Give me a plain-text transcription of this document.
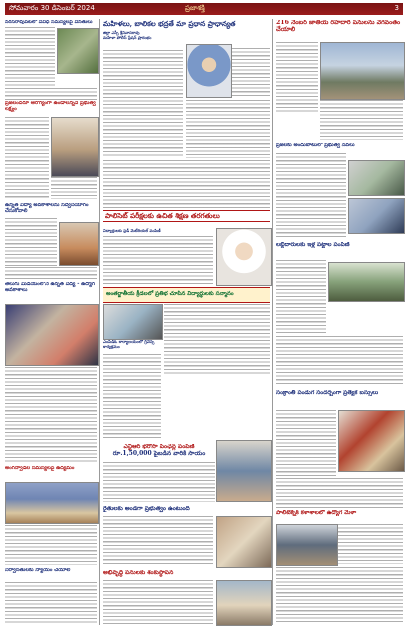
సోమవారం 30 డిసెంబర్ 2024	ప్రజాశక్తి	3
నరసరావుపేటలో వివిధ సమస్యలపై వినతులు
ప్రజలందరూ ఆరోగ్యంగా ఉండాలన్నదే ప్రభుత్వ లక్ష్యం
ఉన్నత విద్యా అవకాశాలను సద్వినియోగం చేసుకోవాలి
తెలుగు మీడియంలోనే ఉన్నత విద్య - ఉద్యోగ అవకాశాలు
అంగన్వాడీల సమస్యలపై ఉద్యమం
నిర్వాసితులకు న్యాయం చేయాలి
మహిళలు, బాలికల భద్రతే మా ప్రధాన ప్రాధాన్యత
జిల్లా ఎస్పీ శ్రీనివాసరావు
మహిళా పోలీస్ స్టేషన్ ప్రారంభం
పాలిసెట్ పరీక్షలకు ఉచిత శిక్షణ తరగతులు
విద్యార్థులకు స్టడీ మెటీరియల్ పంపిణీ
అంతర్జాతీయ క్రీడలలో ప్రతిభ చూపిన విద్యార్థులకు సన్మానం
ఎంపీడీఓ కార్యాలయంలో గ్రీవెన్స్ కార్యక్రమం
ఎన్టీఆర్ భరోసా పింఛన్ల పంపిణీ
రూ.1,50,000 పైబడిన వారికి సాయం
రైతులకు అండగా ప్రభుత్వం ఉంటుంది
అభివృద్ధి పనులకు శంకుస్థాపన
216 నెంబర్ జాతీయ రహదారి పనులను వేగవంతం చేయాలి
ప్రజలకు అందుబాటులో ప్రభుత్వ సేవలు
లబ్ధిదారులకు ఇళ్ల పట్టాల పంపిణీ
సంక్రాంతి పండుగ సందర్భంగా ప్రత్యేక బస్సులు
పాలిటెక్నిక్ కళాశాలలో ఉద్యోగ మేళా
